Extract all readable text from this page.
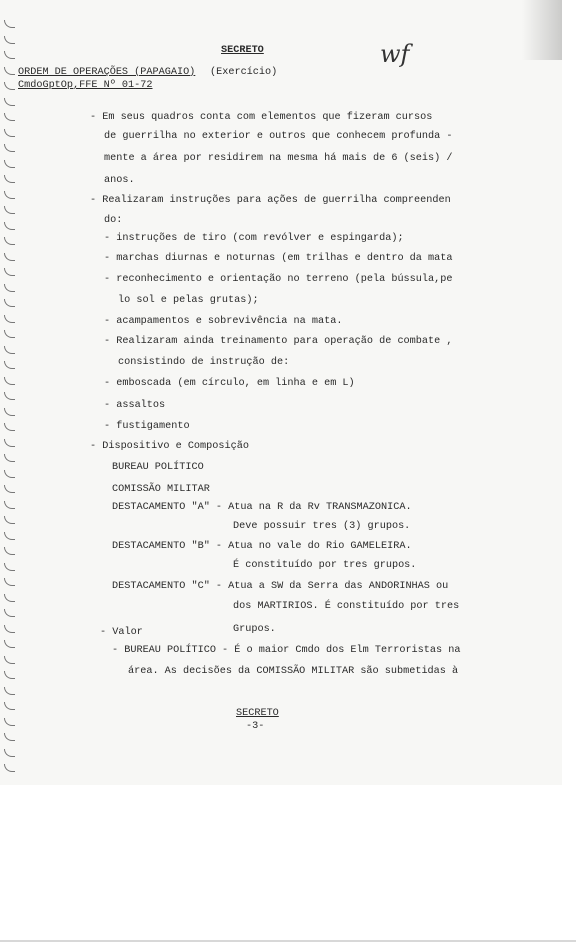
SECRETO	wf
ORDEM DE OPERAÇÕES (PAPAGAIO) (Exercício)
CmdoGptOp,FFE Nº 01-72
- Em seus quadros conta com elementos que fizeram cursos
de guerrilha no exterior e outros que conhecem profunda -
mente a área por residirem na mesma há mais de 6 (seis) /
anos.
- Realizaram instruções para ações de guerrilha compreenden
do:
- instruções de tiro (com revólver e espingarda);
- marchas diurnas e noturnas (em trilhas e dentro da mata
- reconhecimento e orientação no terreno (pela bússula,pe
lo sol e pelas grutas);
- acampamentos e sobrevivência na mata.
- Realizaram ainda treinamento para operação de combate ,
consistindo de instrução de:
- emboscada (em círculo, em linha e em L)
- assaltos
- fustigamento
- Dispositivo e Composição
BUREAU POLÍTICO
COMISSÃO MILITAR
DESTACAMENTO "A" - Atua na R da Rv TRANSMAZONICA.
Deve possuir tres (3) grupos.
DESTACAMENTO "B" - Atua no vale do Rio GAMELEIRA.
É constituído por tres grupos.
DESTACAMENTO "C" - Atua a SW da Serra das ANDORINHAS ou
dos MARTIRIOS. É constituído por tres
- Valor	Grupos.
- BUREAU POLÍTICO - É o maior Cmdo dos Elm Terroristas na
área. As decisões da COMISSÃO MILITAR são submetidas à
SECRETO
-3-
